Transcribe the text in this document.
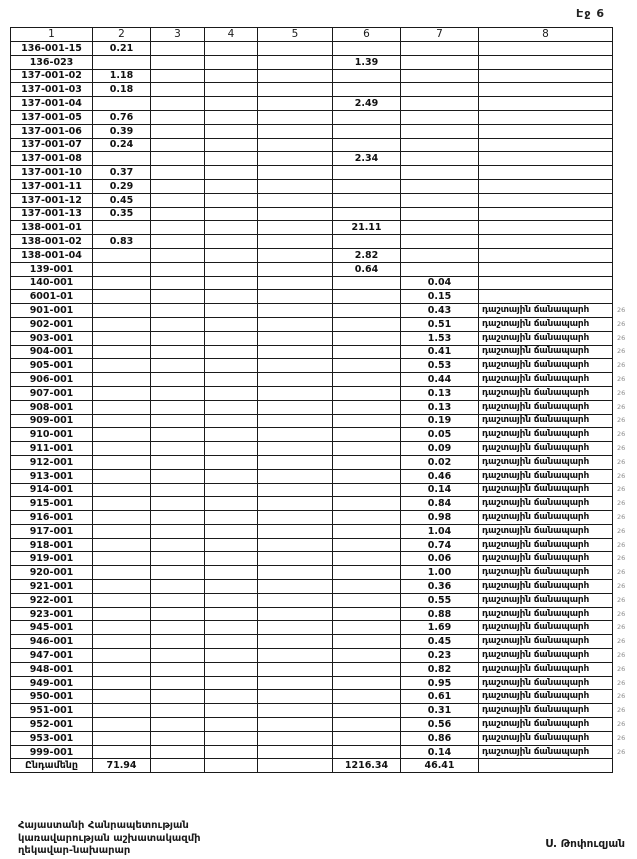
Էջ 6
1	2	3	4	5	6	7	8	
136-001-15	0.21							
136-023					1.39			
137-001-02	1.18							
137-001-03	0.18							
137-001-04					2.49			
137-001-05	0.76							
137-001-06	0.39							
137-001-07	0.24							
137-001-08					2.34			
137-001-10	0.37							
137-001-11	0.29							
137-001-12	0.45							
137-001-13	0.35							
138-001-01					21.11			
138-001-02	0.83							
138-001-04					2.82			
139-001					0.64			
140-001						0.04		
6001-01						0.15		
901-001						0.43	դաշտային ճանապարհ	26
902-001						0.51	դաշտային ճանապարհ	26
903-001						1.53	դաշտային ճանապարհ	26
904-001						0.41	դաշտային ճանապարհ	26
905-001						0.53	դաշտային ճանապարհ	26
906-001						0.44	դաշտային ճանապարհ	26
907-001						0.13	դաշտային ճանապարհ	26
908-001						0.13	դաշտային ճանապարհ	26
909-001						0.19	դաշտային ճանապարհ	26
910-001						0.05	դաշտային ճանապարհ	26
911-001						0.09	դաշտային ճանապարհ	26
912-001						0.02	դաշտային ճանապարհ	26
913-001						0.46	դաշտային ճանապարհ	26
914-001						0.14	դաշտային ճանապարհ	26
915-001						0.84	դաշտային ճանապարհ	26
916-001						0.98	դաշտային ճանապարհ	26
917-001						1.04	դաշտային ճանապարհ	26
918-001						0.74	դաշտային ճանապարհ	26
919-001						0.06	դաշտային ճանապարհ	26
920-001						1.00	դաշտային ճանապարհ	26
921-001						0.36	դաշտային ճանապարհ	26
922-001						0.55	դաշտային ճանապարհ	26
923-001						0.88	դաշտային ճանապարհ	26
945-001						1.69	դաշտային ճանապարհ	26
946-001						0.45	դաշտային ճանապարհ	26
947-001						0.23	դաշտային ճանապարհ	26
948-001						0.82	դաշտային ճանապարհ	26
949-001						0.95	դաշտային ճանապարհ	26
950-001						0.61	դաշտային ճանապարհ	26
951-001						0.31	դաշտային ճանապարհ	26
952-001						0.56	դաշտային ճանապարհ	26
953-001						0.86	դաշտային ճանապարհ	26
999-001						0.14	դաշտային ճանապարհ	26
Ընդամենը	71.94				1216.34	46.41		
Հայաստանի Հանրապետության
կառավարության աշխատակազմի
ղեկավար-նախարար
Ս. Թոփուզյան
